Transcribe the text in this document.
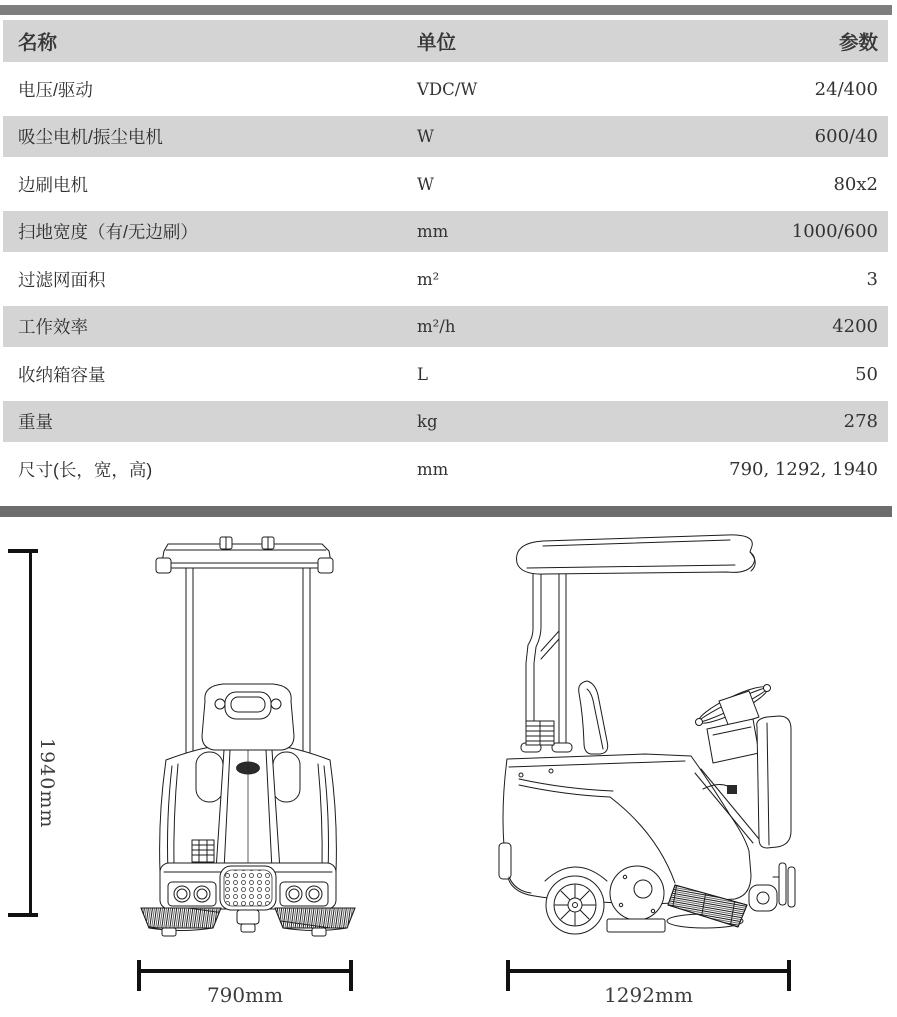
名称	单位	参数
电压/驱动	VDC/W	24/400
吸尘电机/振尘电机	W	600/40
边刷电机	W	80x2
扫地宽度（有/无边刷）	mm	1000/600
过滤网面积	m²	3
工作效率	m²/h	4200
收纳箱容量	L	50
重量	kg	278
尺寸(长，宽，高)	mm	790, 1292, 1940
1940mm
790mm	1292mm
